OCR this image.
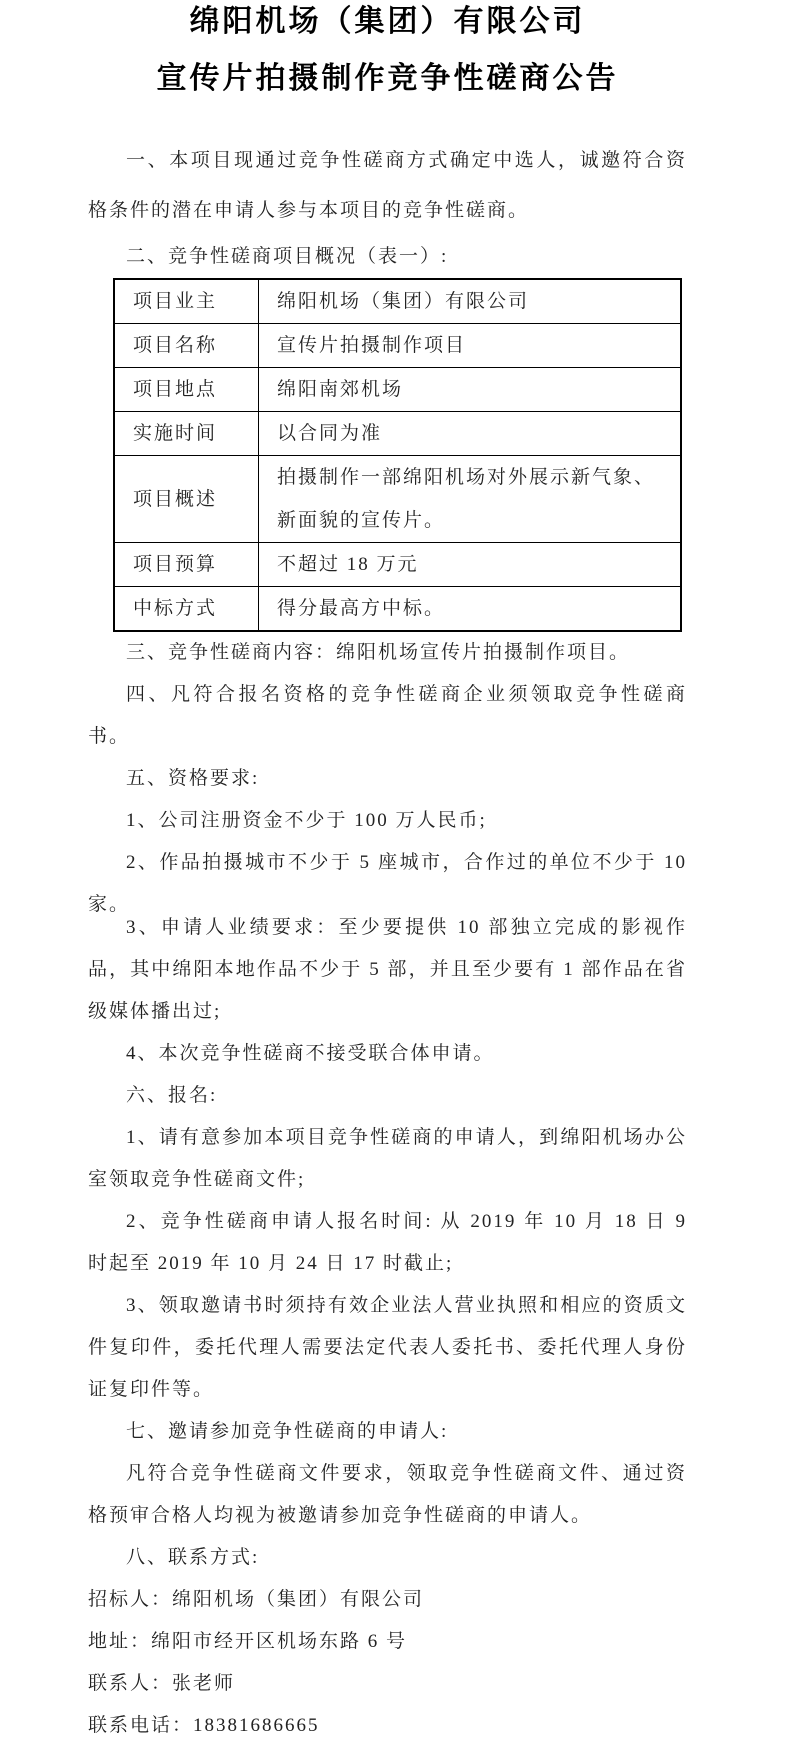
绵阳机场（集团）有限公司
宣传片拍摄制作竞争性磋商公告
一、本项目现通过竞争性磋商方式确定中选人，诚邀符合资格条件的潜在申请人参与本项目的竞争性磋商。
二、竞争性磋商项目概况（表一）:
项目业主	绵阳机场（集团）有限公司
项目名称	宣传片拍摄制作项目
项目地点	绵阳南郊机场
实施时间	以合同为准
项目概述	拍摄制作一部绵阳机场对外展示新气象、新面貌的宣传片。
项目预算	不超过 18 万元
中标方式	得分最高方中标。
三、竞争性磋商内容：绵阳机场宣传片拍摄制作项目。
四、凡符合报名资格的竞争性磋商企业须领取竞争性磋商书。
五、资格要求:
1、公司注册资金不少于 100 万人民币;
2、作品拍摄城市不少于 5 座城市，合作过的单位不少于 10 家。
3、申请人业绩要求：至少要提供 10 部独立完成的影视作品，其中绵阳本地作品不少于 5 部，并且至少要有 1 部作品在省级媒体播出过;
4、本次竞争性磋商不接受联合体申请。
六、报名:
1、请有意参加本项目竞争性磋商的申请人，到绵阳机场办公室领取竞争性磋商文件;
2、竞争性磋商申请人报名时间: 从 2019 年 10 月 18 日 9 时起至 2019 年 10 月 24 日 17 时截止;
3、领取邀请书时须持有效企业法人营业执照和相应的资质文件复印件，委托代理人需要法定代表人委托书、委托代理人身份证复印件等。
七、邀请参加竞争性磋商的申请人:
凡符合竞争性磋商文件要求，领取竞争性磋商文件、通过资格预审合格人均视为被邀请参加竞争性磋商的申请人。
八、联系方式:
招标人：绵阳机场（集团）有限公司
地址：绵阳市经开区机场东路 6 号
联系人：张老师
联系电话：18381686665
